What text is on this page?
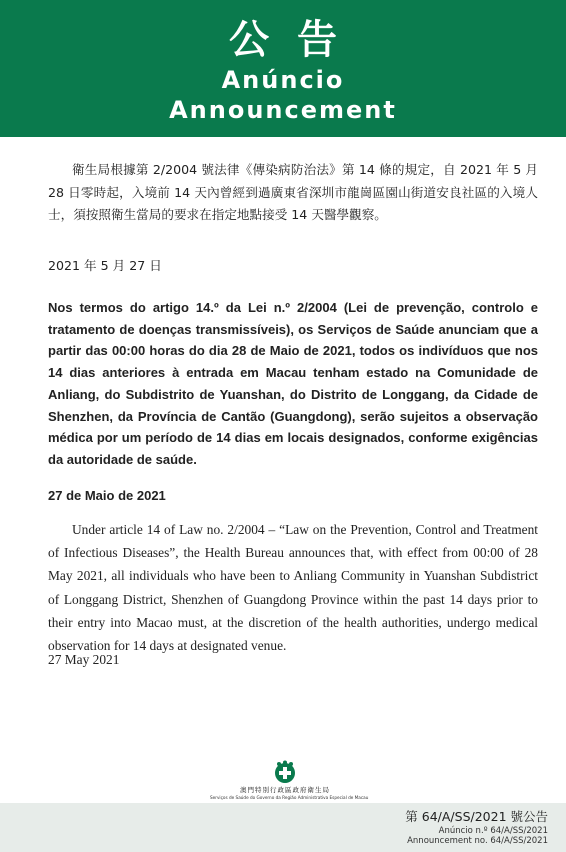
公告
Anúncio
Announcement

衛生局根據第 2/2004 號法律《傳染病防治法》第 14 條的規定，自 2021 年 5 月 28 日零時起，入境前 14 天內曾經到過廣東省深圳市龍崗區園山街道安良社區的入境人士，須按照衛生當局的要求在指定地點接受 14 天醫學觀察。

2021 年 5 月 27 日

Nos termos do artigo 14.º da Lei n.º 2/2004 (Lei de prevenção, controlo e tratamento de doenças transmissíveis), os Serviços de Saúde anunciam que a partir das 00:00 horas do dia 28 de Maio de 2021, todos os indivíduos que nos 14 dias anteriores à entrada em Macau tenham estado na Comunidade de Anliang, do Subdistrito de Yuanshan, do Distrito de Longgang, da Cidade de Shenzhen, da Província de Cantão (Guangdong), serão sujeitos a observação médica por um período de 14 dias em locais designados, conforme exigências da autoridade de saúde.

27 de Maio de 2021

Under article 14 of Law no. 2/2004 – “Law on the Prevention, Control and Treatment of Infectious Diseases”, the Health Bureau announces that, with effect from 00:00 of 28 May 2021, all individuals who have been to Anliang Community in Yuanshan Subdistrict of Longgang District, Shenzhen of Guangdong Province within the past 14 days prior to their entry into Macao must, at the discretion of the health authorities, undergo medical observation for 14 days at designated venue.

27 May 2021

澳門特別行政區政府衛生局
Serviços de Saúde do Governo da Região Administrativa Especial de Macau
第 64/A/SS/2021 號公告
Anúncio n.º 64/A/SS/2021
Announcement no. 64/A/SS/2021
